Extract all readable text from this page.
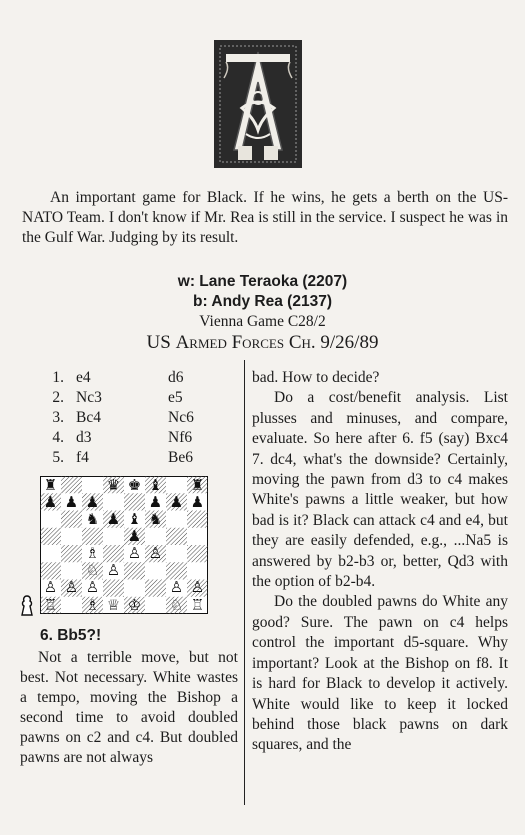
An important game for Black. If he wins, he gets a berth on the US-NATO Team. I don't know if Mr. Rea is still in the service. I suspect he was in the Gulf War. Judging by its result.

w: Lane Teraoka (2207)
b: Andy Rea (2137)
Vienna Game C28/2
US Armed Forces Ch. 9/26/89
1. e4	d6
2. Nc3	e5
3. Bc4	Nc6
4. d3	Nf6
5. f4	Be6
♜	♛ ♚ ♝ ♜
♟ ♟ ♟	♟ ♟ ♟
♞ ♟ ♝ ♞
♟
♗ ♙ ♙
♘ ♙
♙ ♙ ♙	♙ ♙
♖ ♗ ♕ ♔ ♘ ♖
6. Bb5?!

Not a terrible move, but not best. Not necessary. White wastes a tempo, moving the Bishop a second time to avoid doubled pawns on c2 and c4. But doubled pawns are not always

bad. How to decide?

Do a cost/benefit analysis. List plusses and minuses, and compare, evaluate. So here after 6. f5 (say) Bxc4 7. dc4, what's the downside? Certainly, moving the pawn from d3 to c4 makes White's pawns a little weaker, but how bad is it? Black can attack c4 and e4, but they are easily defended, e.g., ...Na5 is answered by b2-b3 or, better, Qd3 with the option of b2-b4.

Do the doubled pawns do White any good? Sure. The pawn on c4 helps control the important d5-square. Why important? Look at the Bishop on f8. It is hard for Black to develop it actively. White would like to keep it locked behind those black pawns on dark squares, and the
